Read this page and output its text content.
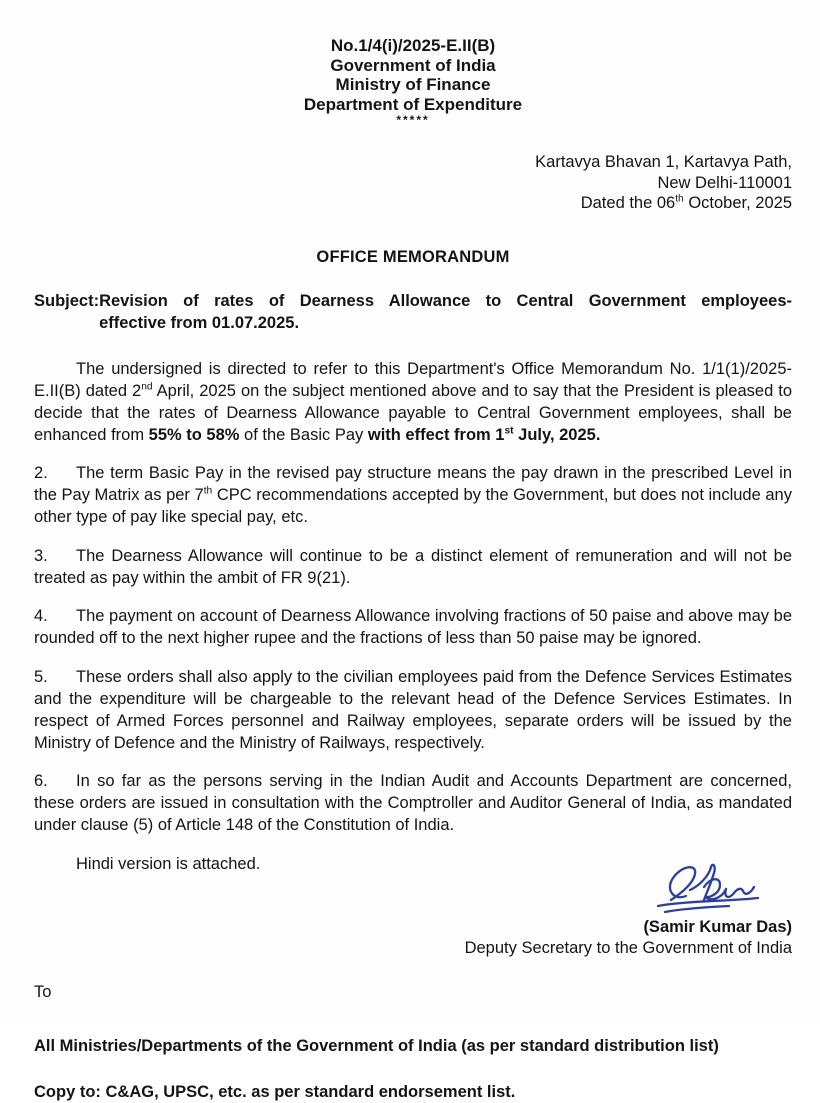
No.1/4(i)/2025-E.II(B)
Government of India
Ministry of Finance
Department of Expenditure
*****
Kartavya Bhavan 1, Kartavya Path,
New Delhi-110001
Dated the 06th October, 2025
OFFICE MEMORANDUM
Subject: Revision of rates of Dearness Allowance to Central Government employees-
effective from 01.07.2025.

The undersigned is directed to refer to this Department's Office Memorandum No. 1/1(1)/2025-E.II(B) dated 2nd April, 2025 on the subject mentioned above and to say that the President is pleased to decide that the rates of Dearness Allowance payable to Central Government employees, shall be enhanced from 55% to 58% of the Basic Pay with effect from 1st July, 2025.

2. The term Basic Pay in the revised pay structure means the pay drawn in the prescribed Level in the Pay Matrix as per 7th CPC recommendations accepted by the Government, but does not include any other type of pay like special pay, etc.

3. The Dearness Allowance will continue to be a distinct element of remuneration and will not be treated as pay within the ambit of FR 9(21).

4. The payment on account of Dearness Allowance involving fractions of 50 paise and above may be rounded off to the next higher rupee and the fractions of less than 50 paise may be ignored.

5. These orders shall also apply to the civilian employees paid from the Defence Services Estimates and the expenditure will be chargeable to the relevant head of the Defence Services Estimates. In respect of Armed Forces personnel and Railway employees, separate orders will be issued by the Ministry of Defence and the Ministry of Railways, respectively.

6. In so far as the persons serving in the Indian Audit and Accounts Department are concerned, these orders are issued in consultation with the Comptroller and Auditor General of India, as mandated under clause (5) of Article 148 of the Constitution of India.

Hindi version is attached.
(Samir Kumar Das)
Deputy Secretary to the Government of India
To
All Ministries/Departments of the Government of India (as per standard distribution list)
Copy to: C&AG, UPSC, etc. as per standard endorsement list.
